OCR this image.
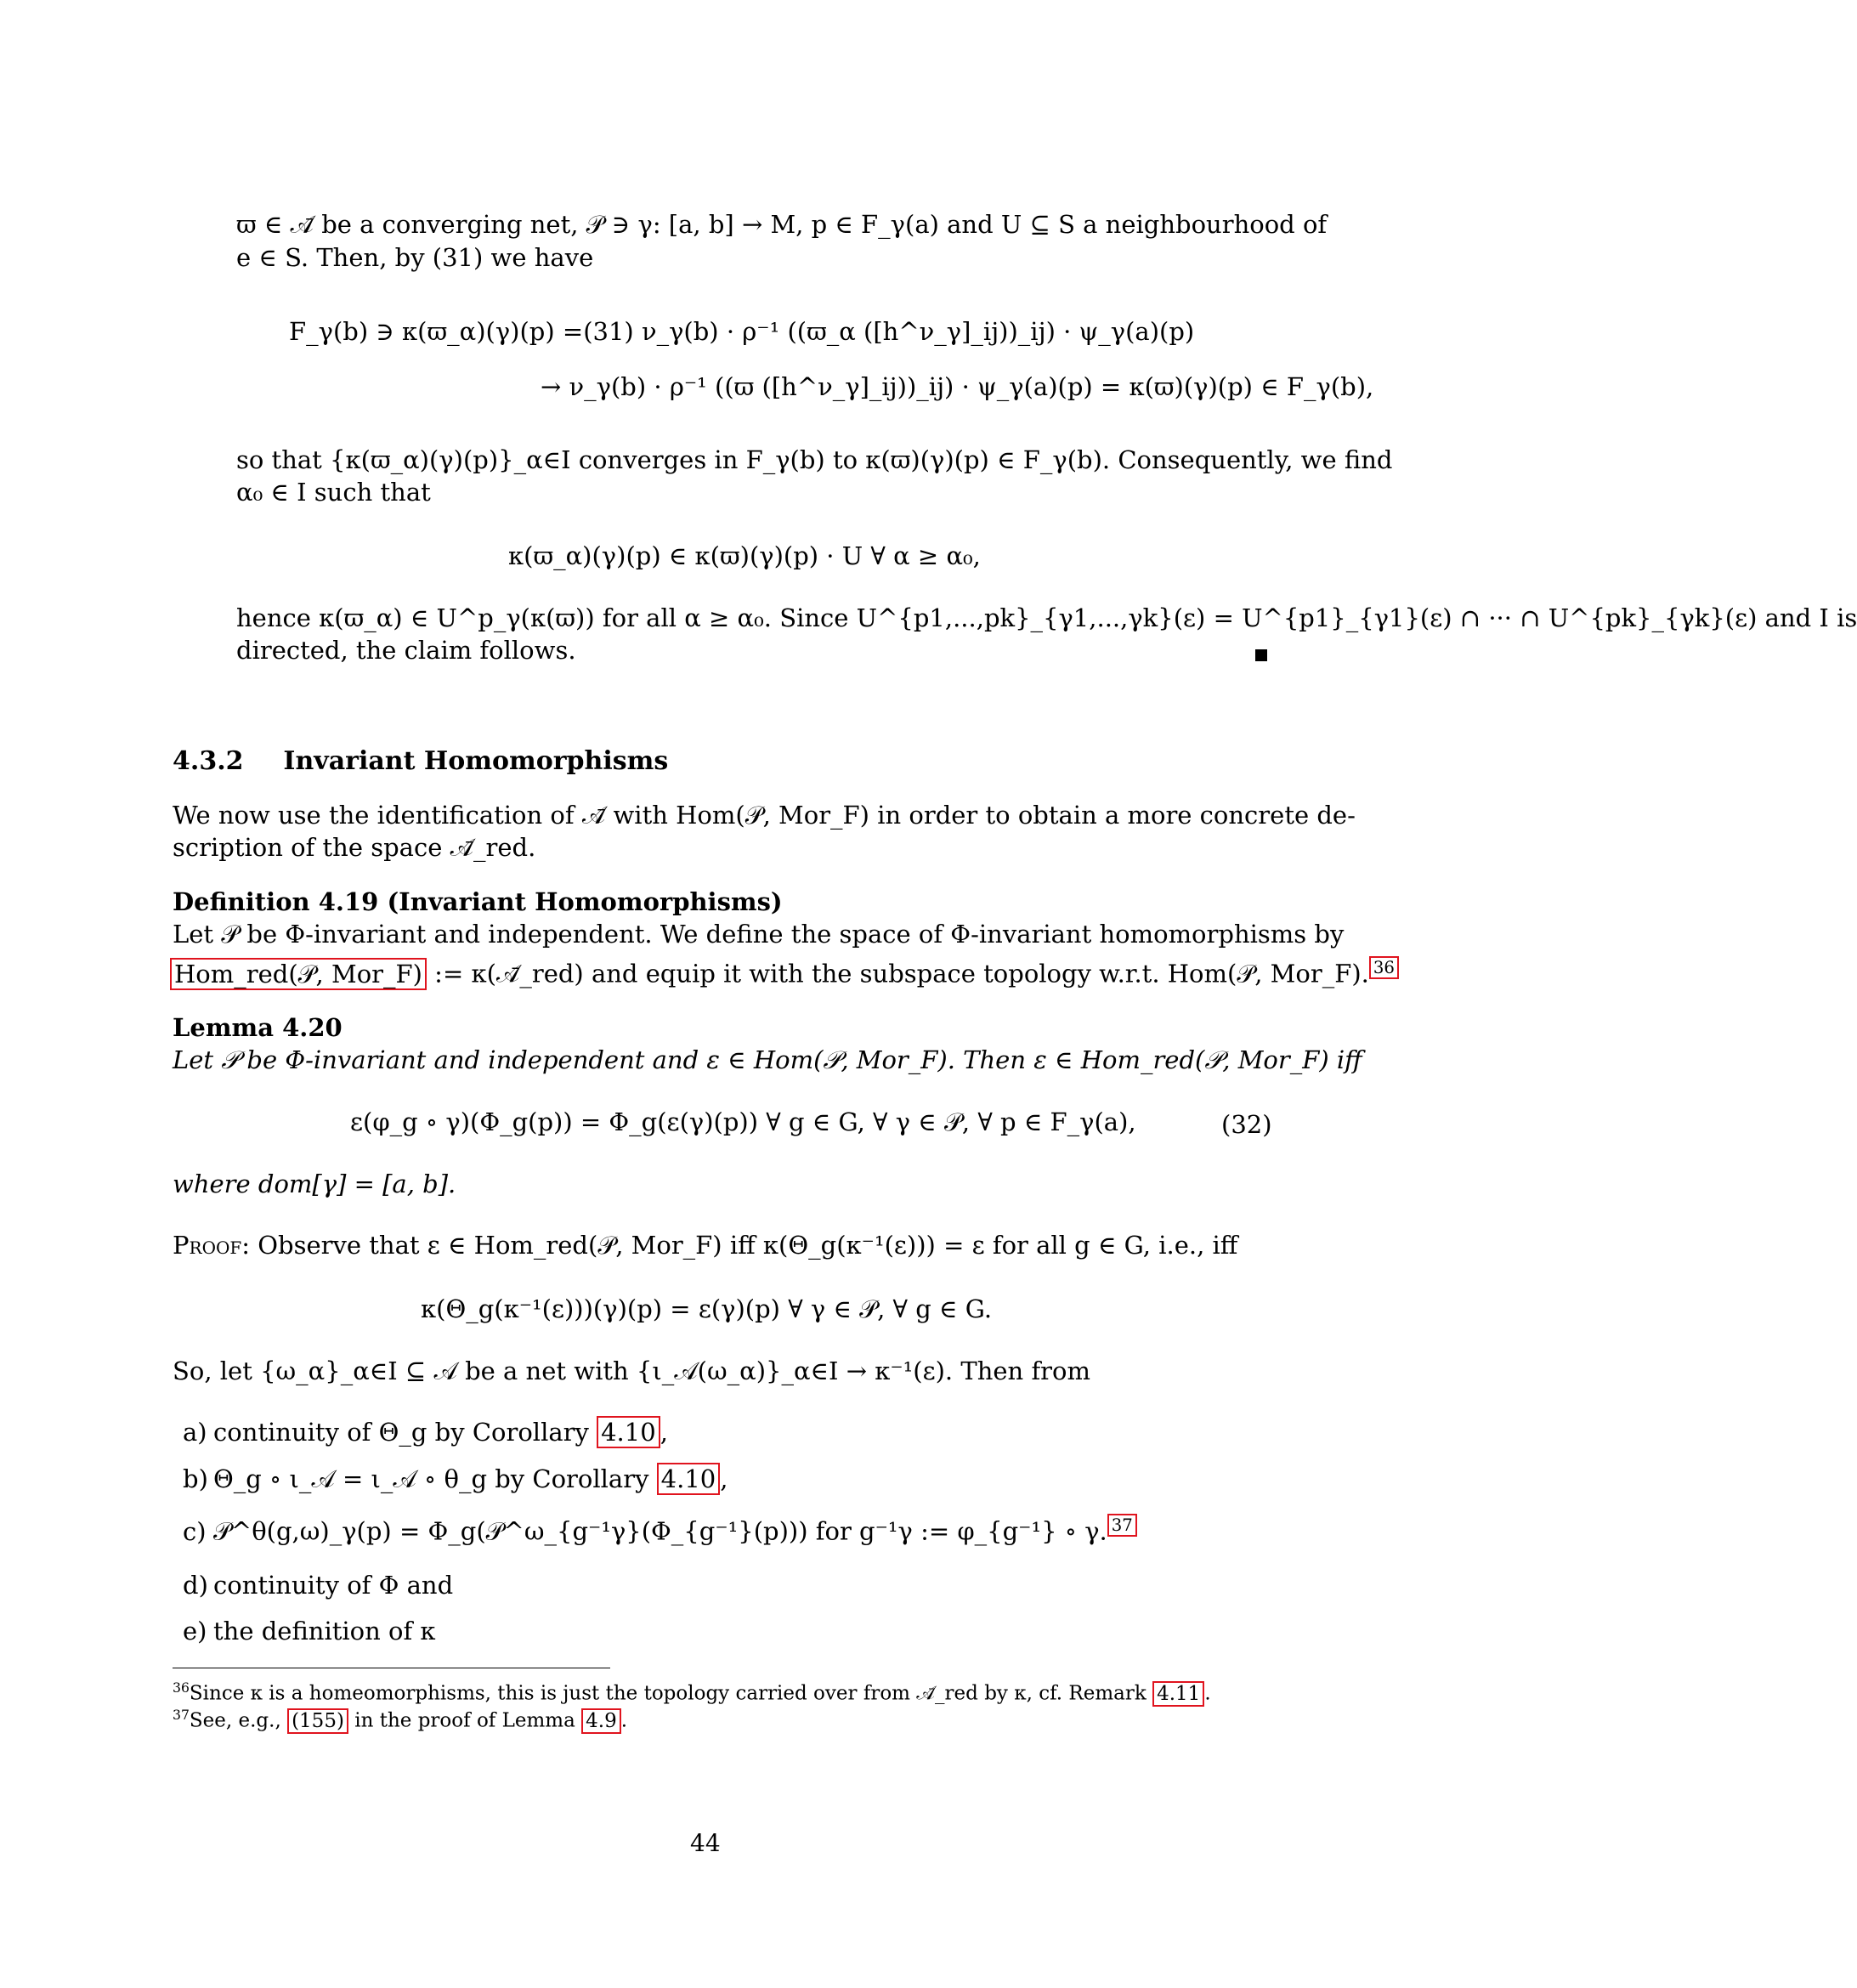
ϖ ∈ 𝒜̄ be a converging net, 𝒫 ∋ γ: [a, b] → M, p ∈ F_γ(a) and U ⊆ S a neighbourhood of
e ∈ S. Then, by (31) we have
F_γ(b) ∋ κ(ϖ_α)(γ)(p) =(31) ν_γ(b) · ρ⁻¹ ((ϖ_α ([h^ν_γ]_ij))_ij) · ψ_γ(a)(p)
→ ν_γ(b) · ρ⁻¹ ((ϖ ([h^ν_γ]_ij))_ij) · ψ_γ(a)(p) = κ(ϖ)(γ)(p) ∈ F_γ(b),
so that {κ(ϖ_α)(γ)(p)}_α∈I converges in F_γ(b) to κ(ϖ)(γ)(p) ∈ F_γ(b). Consequently, we find
α₀ ∈ I such that
κ(ϖ_α)(γ)(p) ∈ κ(ϖ)(γ)(p) · U ∀ α ≥ α₀,
hence κ(ϖ_α) ∈ U^p_γ(κ(ϖ)) for all α ≥ α₀. Since U^{p1,...,pk}_{γ1,...,γk}(ε) = U^{p1}_{γ1}(ε) ∩ ··· ∩ U^{pk}_{γk}(ε) and I is
directed, the claim follows.
4.3.2 Invariant Homomorphisms
We now use the identification of 𝒜̄ with Hom(𝒫, Mor_F) in order to obtain a more concrete de-
scription of the space 𝒜̄_red.
Definition 4.19 (Invariant Homomorphisms)
Let 𝒫 be Φ-invariant and independent. We define the space of Φ-invariant homomorphisms by
Hom_red(𝒫, Mor_F) := κ(𝒜̄_red) and equip it with the subspace topology w.r.t. Hom(𝒫, Mor_F). $^{36}$
Lemma 4.20
Let 𝒫 be Φ-invariant and independent and ε ∈ Hom(𝒫, Mor_F). Then ε ∈ Hom_red(𝒫, Mor_F) iff
ε(φ_g ∘ γ)(Φ_g(p)) = Φ_g(ε(γ)(p)) ∀ g ∈ G, ∀ γ ∈ 𝒫, ∀ p ∈ F_γ(a),	(32)
where dom[γ] = [a, b].
Proof: Observe that ε ∈ Hom_red(𝒫, Mor_F) iff κ(Θ_g(κ⁻¹(ε))) = ε for all g ∈ G, i.e., iff
κ(Θ_g(κ⁻¹(ε)))(γ)(p) = ε(γ)(p) ∀ γ ∈ 𝒫, ∀ g ∈ G.
So, let {ω_α}_α∈I ⊆ 𝒜 be a net with {ι_𝒜(ω_α)}_α∈I → κ⁻¹(ε). Then from
a) continuity of Θ_g by Corollary 4.10 ,
b) Θ_g ∘ ι_𝒜 = ι_𝒜 ∘ θ_g by Corollary 4.10 ,
c) 𝒫^θ(g,ω)_γ(p) = Φ_g(𝒫^ω_{g⁻¹γ}(Φ_{g⁻¹}(p))) for g⁻¹γ := φ_{g⁻¹} ∘ γ. $^{37}$
d) continuity of Φ and
e) the definition of κ
$^{36}$Since κ is a homeomorphisms, this is just the topology carried over from 𝒜̄_red by κ, cf. Remark 4.11 .
$^{37}$See, e.g., (155) in the proof of Lemma 4.9 .
44
